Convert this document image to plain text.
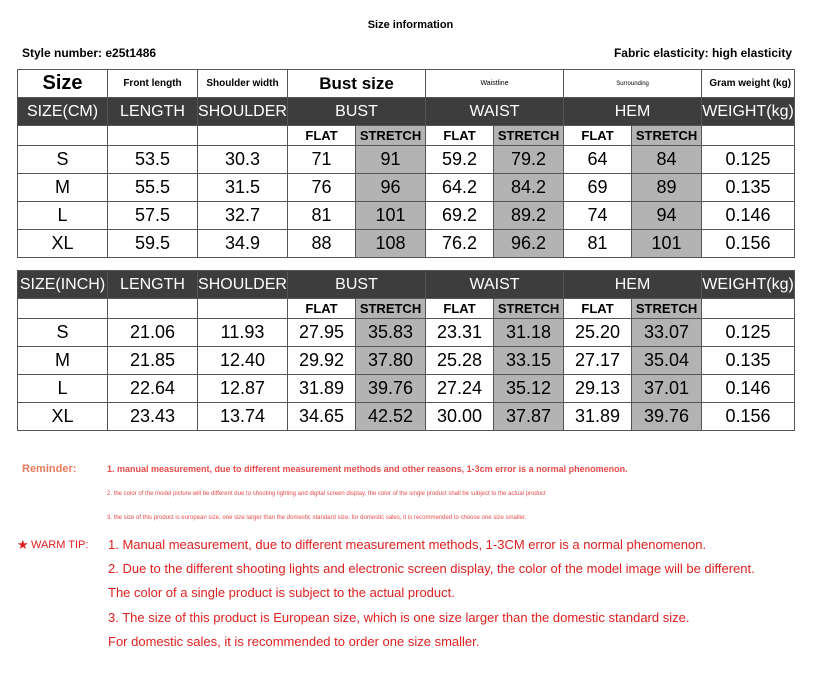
Size information
Style number: e25t1486	Fabric elasticity: high elasticity
Size	Front length	Shoulder width	Bust size		Waistline		Surrounding		Gram weight (kg)
SIZE(CM)	LENGTH	SHOULDER	BUST		WAIST		HEM		WEIGHT(kg)
			FLAT	STRETCH	FLAT	STRETCH	FLAT	STRETCH	
S	53.5	30.3	71	91	59.2	79.2	64	84	0.125
M	55.5	31.5	76	96	64.2	84.2	69	89	0.135
L	57.5	32.7	81	101	69.2	89.2	74	94	0.146
XL	59.5	34.9	88	108	76.2	96.2	81	101	0.156
SIZE(INCH)	LENGTH	SHOULDER	BUST		WAIST		HEM		WEIGHT(kg)
			FLAT	STRETCH	FLAT	STRETCH	FLAT	STRETCH	
S	21.06	11.93	27.95	35.83	23.31	31.18	25.20	33.07	0.125
M	21.85	12.40	29.92	37.80	25.28	33.15	27.17	35.04	0.135
L	22.64	12.87	31.89	39.76	27.24	35.12	29.13	37.01	0.146
XL	23.43	13.74	34.65	42.52	30.00	37.87	31.89	39.76	0.156
Reminder:	1. manual measurement, due to different measurement methods and other reasons, 1-3cm error is a normal phenomenon.
2. the color of the model picture will be different due to shooting lighting and digital screen display. the color of the single product shall be subject to the actual product
3. the size of this product is european size, one size larger than the domestic standard size. for domestic sales, it is recommended to choose one size smaller.
★ WARM TIP: 1. Manual measurement, due to different measurement methods, 1-3CM error is a normal phenomenon.
2. Due to the different shooting lights and electronic screen display, the color of the model image will be different.
The color of a single product is subject to the actual product.
3. The size of this product is European size, which is one size larger than the domestic standard size.
For domestic sales, it is recommended to order one size smaller.
